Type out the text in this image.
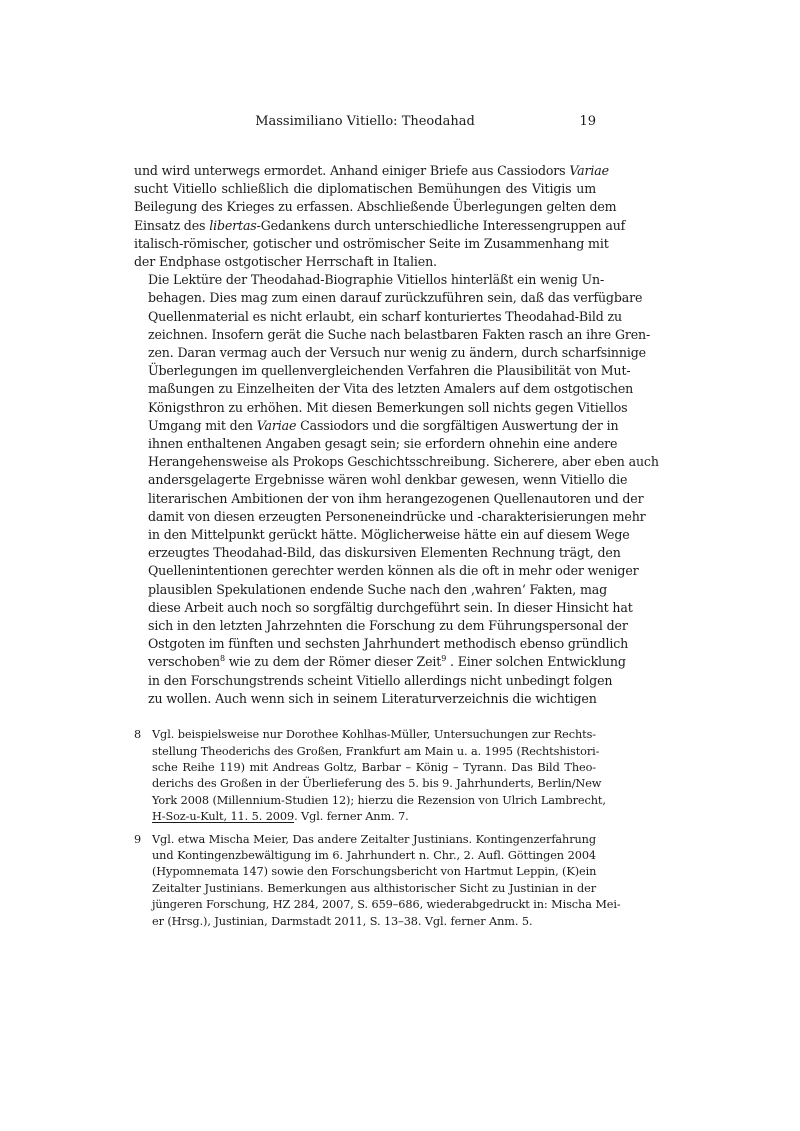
Massimiliano Vitiello: Theodahad	19

und wird unterwegs ermordet. Anhand einiger Briefe aus Cassiodors Variae
sucht Vitiello schließlich die diplomatischen Bemühungen des Vitigis um
Beilegung des Krieges zu erfassen. Abschließende Überlegungen gelten dem
Einsatz des libertas-Gedankens durch unterschiedliche Interessengruppen auf
italisch-römischer, gotischer und oströmischer Seite im Zusammenhang mit
der Endphase ostgotischer Herrschaft in Italien.

Die Lektüre der Theodahad-Biographie Vitiellos hinterläßt ein wenig Un-
behagen. Dies mag zum einen darauf zurückzuführen sein, daß das verfügbare
Quellenmaterial es nicht erlaubt, ein scharf konturiertes Theodahad-Bild zu
zeichnen. Insofern gerät die Suche nach belastbaren Fakten rasch an ihre Gren-
zen. Daran vermag auch der Versuch nur wenig zu ändern, durch scharfsinnige
Überlegungen im quellenvergleichenden Verfahren die Plausibilität von Mut-
maßungen zu Einzelheiten der Vita des letzten Amalers auf dem ostgotischen
Königsthron zu erhöhen. Mit diesen Bemerkungen soll nichts gegen Vitiellos
Umgang mit den Variae Cassiodors und die sorgfältigen Auswertung der in
ihnen enthaltenen Angaben gesagt sein; sie erfordern ohnehin eine andere
Herangehensweise als Prokops Geschichtsschreibung. Sicherere, aber eben auch
andersgelagerte Ergebnisse wären wohl denkbar gewesen, wenn Vitiello die
literarischen Ambitionen der von ihm herangezogenen Quellenautoren und der
damit von diesen erzeugten Personeneindrücke und -charakterisierungen mehr
in den Mittelpunkt gerückt hätte. Möglicherweise hätte ein auf diesem Wege
erzeugtes Theodahad-Bild, das diskursiven Elementen Rechnung trägt, den
Quellenintentionen gerechter werden können als die oft in mehr oder weniger
plausiblen Spekulationen endende Suche nach den ‚wahren‘ Fakten, mag
diese Arbeit auch noch so sorgfältig durchgeführt sein. In dieser Hinsicht hat
sich in den letzten Jahrzehnten die Forschung zu dem Führungspersonal der
Ostgoten im fünften und sechsten Jahrhundert methodisch ebenso gründlich
verschoben$^8$ wie zu dem der Römer dieser Zeit$^9$ . Einer solchen Entwicklung
in den Forschungstrends scheint Vitiello allerdings nicht unbedingt folgen
zu wollen. Auch wenn sich in seinem Literaturverzeichnis die wichtigen

8 Vgl. beispielsweise nur Dorothee Kohlhas-Müller, Untersuchungen zur Rechts-
stellung Theoderichs des Großen, Frankfurt am Main u. a. 1995 (Rechtshistori-
sche Reihe 119) mit Andreas Goltz, Barbar – König – Tyrann. Das Bild Theo-
derichs des Großen in der Überlieferung des 5. bis 9. Jahrhunderts, Berlin/New
York 2008 (Millennium-Studien 12); hierzu die Rezension von Ulrich Lambrecht,
H-Soz-u-Kult, 11. 5. 2009. Vgl. ferner Anm. 7.
9 Vgl. etwa Mischa Meier, Das andere Zeitalter Justinians. Kontingenzerfahrung
und Kontingenzbewältigung im 6. Jahrhundert n. Chr., 2. Aufl. Göttingen 2004
(Hypomnemata 147) sowie den Forschungsbericht von Hartmut Leppin, (K)ein
Zeitalter Justinians. Bemerkungen aus althistorischer Sicht zu Justinian in der
jüngeren Forschung, HZ 284, 2007, S. 659–686, wiederabgedruckt in: Mischa Mei-
er (Hrsg.), Justinian, Darmstadt 2011, S. 13–38. Vgl. ferner Anm. 5.
